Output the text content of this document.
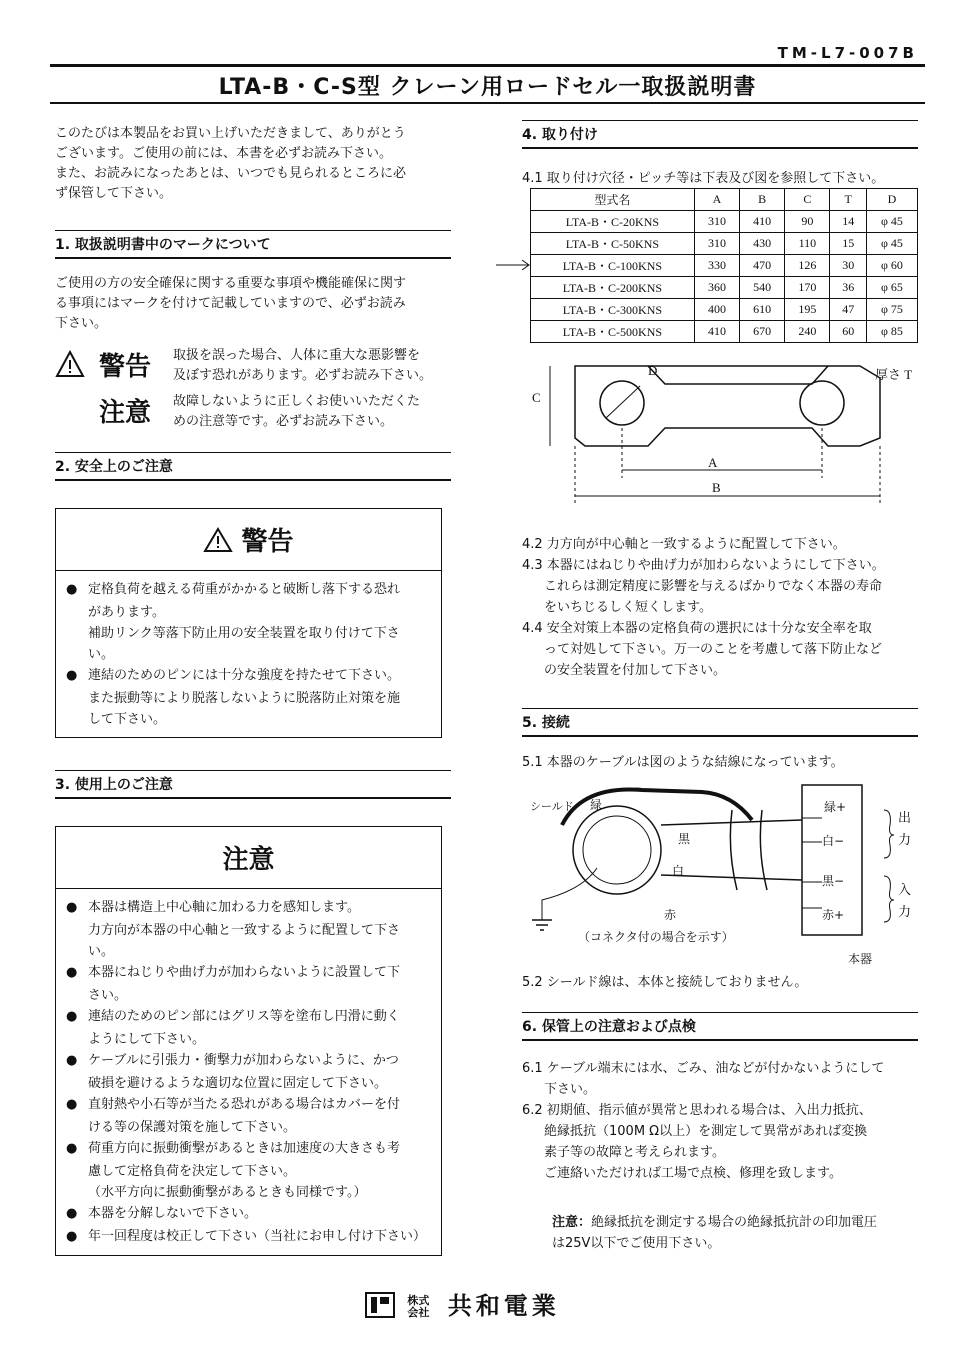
TM-L7-007B
LTA-B・C-S型 クレーン用ロードセル一取扱説明書
このたびは本製品をお買い上げいただきまして、ありがとう
ございます。ご使用の前には、本書を必ずお読み下さい。
また、お読みになったあとは、いつでも見られるところに必
ず保管して下さい。
1. 取扱説明書中のマークについて
ご使用の方の安全確保に関する重要な事項や機能確保に関す
る事項にはマークを付けて記載していますので、必ずお読み
下さい。
警告 取扱を誤った場合、人体に重大な悪影響を
及ぼす恐れがあります。必ずお読み下さい。
注意 故障しないように正しくお使いいただくた
めの注意等です。必ずお読み下さい。
2. 安全上のご注意
警告
● 定格負荷を越える荷重がかかると破断し落下する恐れ
があります。
補助リンク等落下防止用の安全装置を取り付けて下さ
い。
● 連結のためのピンには十分な強度を持たせて下さい。
また振動等により脱落しないように脱落防止対策を施
して下さい。
3. 使用上のご注意
注意
● 本器は構造上中心軸に加わる力を感知します。
力方向が本器の中心軸と一致するように配置して下さ
い。
● 本器にねじりや曲げ力が加わらないように設置して下
さい。
● 連結のためのピン部にはグリス等を塗布し円滑に動く
ようにして下さい。
● ケーブルに引張力・衝撃力が加わらないように、かつ
破損を避けるような適切な位置に固定して下さい。
● 直射熱や小石等が当たる恐れがある場合はカバーを付
ける等の保護対策を施して下さい。
● 荷重方向に振動衝撃があるときは加速度の大きさも考
慮して定格負荷を決定して下さい。
（水平方向に振動衝撃があるときも同様です。）
● 本器を分解しないで下さい。
● 年一回程度は校正して下さい（当社にお申し付け下さい）
4. 取り付け
4.1 取り付け穴径・ピッチ等は下表及び図を参照して下さい。
型式名	A	B	C	T	D
LTA-B・C-20KNS	310	410	90	14	φ 45
LTA-B・C-50KNS	310	430	110	15	φ 45
LTA-B・C-100KNS	330	470	126	30	φ 60
LTA-B・C-200KNS	360	540	170	36	φ 65
LTA-B・C-300KNS	400	610	195	47	φ 75
LTA-B・C-500KNS	410	670	240	60	φ 85
D
C
厚さ T
A
B
4.2 力方向が中心軸と一致するように配置して下さい。
4.3 本器にはねじりや曲げ力が加わらないようにして下さい。
これらは測定精度に影響を与えるばかりでなく本器の寿命
をいちじるしく短くします。
4.4 安全対策上本器の定格負荷の選択には十分な安全率を取
って対処して下さい。万一のことを考慮して落下防止など
の安全装置を付加して下さい。
5. 接続
5.1 本器のケーブルは図のような結線になっています。
シールド 緑
黒
白
赤
緑+
白−
黒−
赤+
出力
入力
（コネクタ付の場合を示す）
本器
5.2 シールド線は、本体と接続しておりません。
6. 保管上の注意および点検
6.1 ケーブル端末には水、ごみ、油などが付かないようにして
下さい。
6.2 初期値、指示値が異常と思われる場合は、入出力抵抗、
絶縁抵抗（100M Ω以上）を測定して異常があれば変換
素子等の故障と考えられます。
ご連絡いただければ工場で点検、修理を致します。
注意：絶縁抵抗を測定する場合の絶縁抵抗計の印加電圧
は25V以下でご使用下さい。
株式会社 共和電業
